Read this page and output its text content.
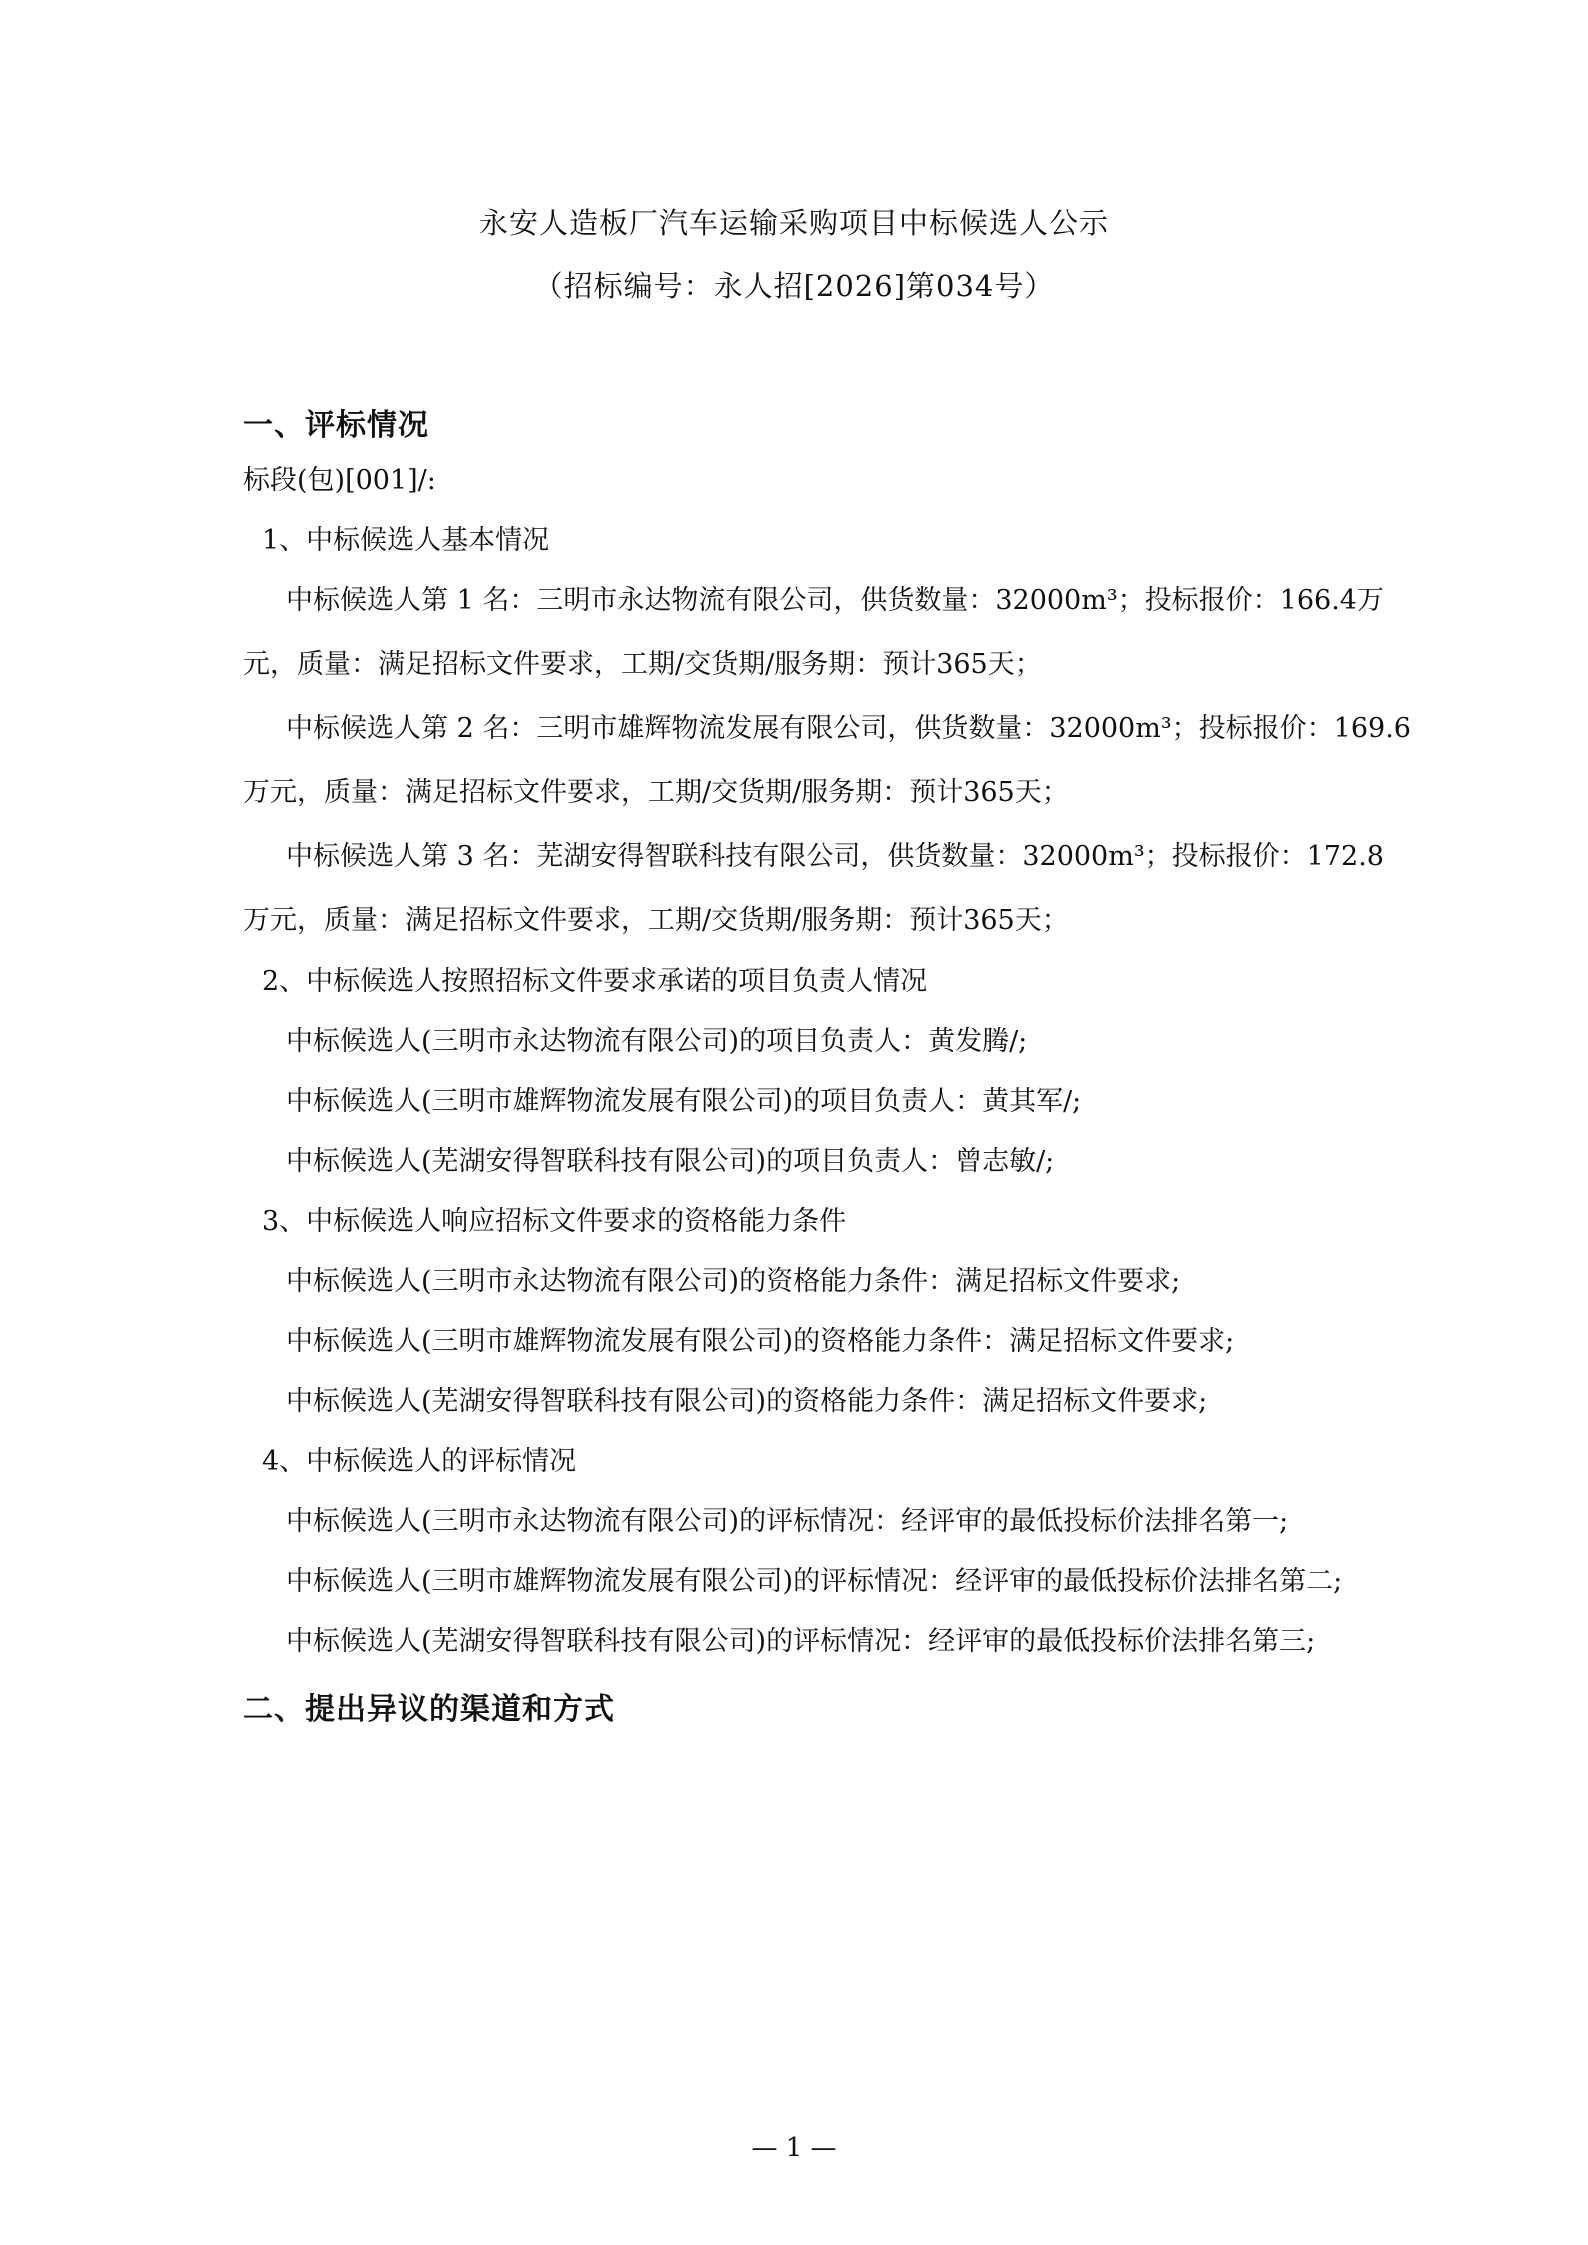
永安人造板厂汽车运输采购项目中标候选人公示
（招标编号：永人招[2026]第034号）
一、评标情况
标段(包)[001]/:
1、中标候选人基本情况
中标候选人第 1 名：三明市永达物流有限公司，供货数量：32000m³；投标报价：166.4万
元，质量：满足招标文件要求，工期/交货期/服务期：预计365天；
中标候选人第 2 名：三明市雄辉物流发展有限公司，供货数量：32000m³；投标报价：169.6
万元，质量：满足招标文件要求，工期/交货期/服务期：预计365天；
中标候选人第 3 名：芜湖安得智联科技有限公司，供货数量：32000m³；投标报价：172.8
万元，质量：满足招标文件要求，工期/交货期/服务期：预计365天；
2、中标候选人按照招标文件要求承诺的项目负责人情况
中标候选人(三明市永达物流有限公司)的项目负责人：黄发腾/;
中标候选人(三明市雄辉物流发展有限公司)的项目负责人：黄其军/;
中标候选人(芜湖安得智联科技有限公司)的项目负责人：曾志敏/;
3、中标候选人响应招标文件要求的资格能力条件
中标候选人(三明市永达物流有限公司)的资格能力条件：满足招标文件要求;
中标候选人(三明市雄辉物流发展有限公司)的资格能力条件：满足招标文件要求;
中标候选人(芜湖安得智联科技有限公司)的资格能力条件：满足招标文件要求;
4、中标候选人的评标情况
中标候选人(三明市永达物流有限公司)的评标情况：经评审的最低投标价法排名第一;
中标候选人(三明市雄辉物流发展有限公司)的评标情况：经评审的最低投标价法排名第二;
中标候选人(芜湖安得智联科技有限公司)的评标情况：经评审的最低投标价法排名第三;
二、提出异议的渠道和方式
— 1 —
